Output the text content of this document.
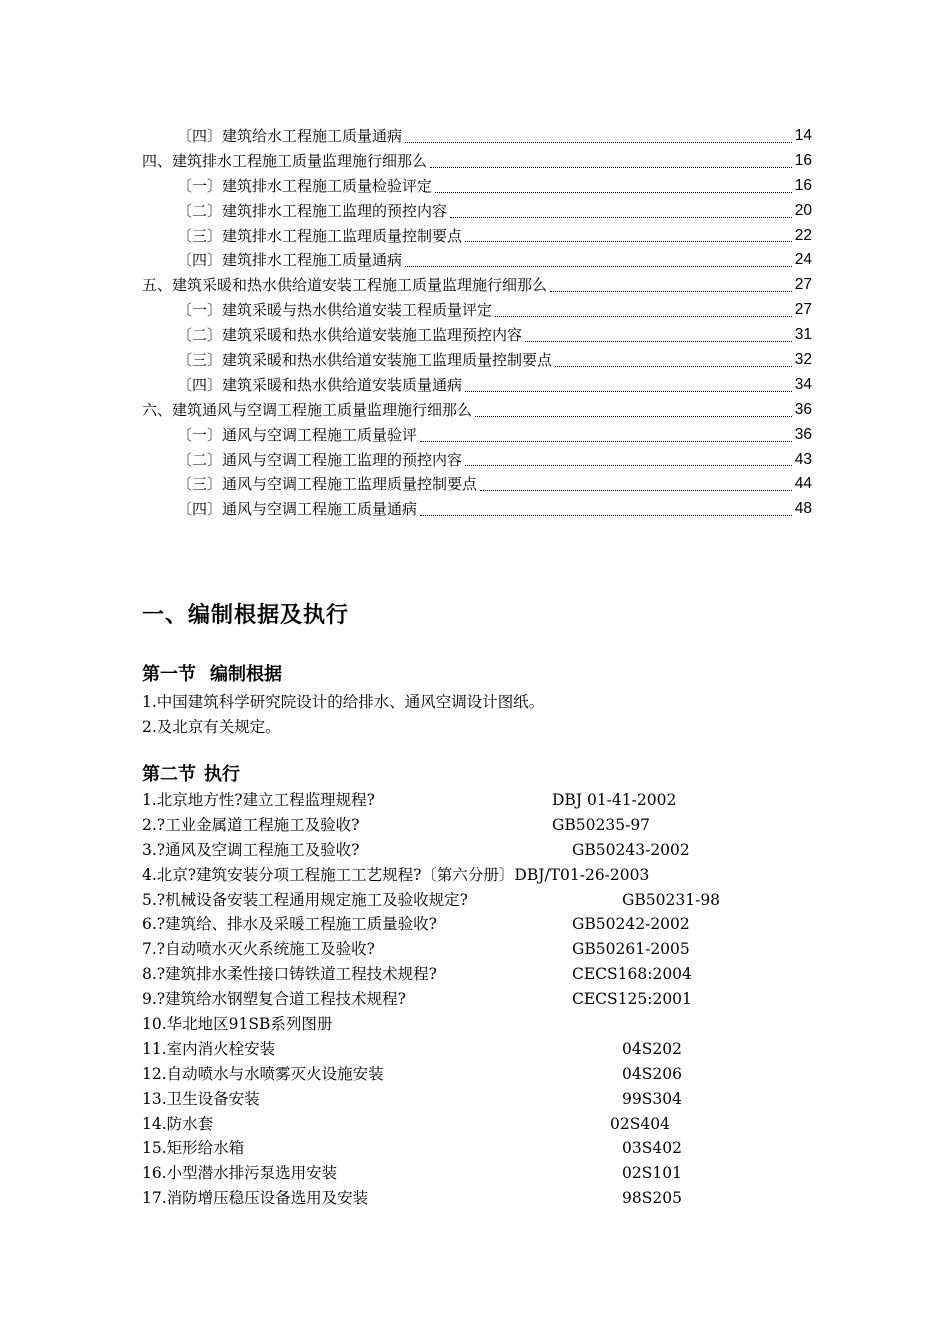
〔四〕建筑给水工程施工质量通病	14
四、建筑排水工程施工质量监理施行细那么	16
〔一〕建筑排水工程施工质量检验评定	16
〔二〕建筑排水工程施工监理的预控内容	20
〔三〕建筑排水工程施工监理质量控制要点	22
〔四〕建筑排水工程施工质量通病	24
五、建筑采暖和热水供给道安装工程施工质量监理施行细那么	27
〔一〕建筑采暖与热水供给道安装工程质量评定	27
〔二〕建筑采暖和热水供给道安装施工监理预控内容	31
〔三〕建筑采暖和热水供给道安装施工监理质量控制要点	32
〔四〕建筑采暖和热水供给道安装质量通病	34
六、建筑通风与空调工程施工质量监理施行细那么	36
〔一〕通风与空调工程施工质量验评	36
〔二〕通风与空调工程施工监理的预控内容	43
〔三〕通风与空调工程施工监理质量控制要点	44
〔四〕通风与空调工程施工质量通病	48
一、编制根据及执行
第一节 编制根据
1.中国建筑科学研究院设计的给排水、通风空调设计图纸。
2.及北京有关规定。
第二节 执行
1.北京地方性?建立工程监理规程?	DBJ 01-41-2002
2.?工业金属道工程施工及验收?	GB50235-97
3.?通风及空调工程施工及验收?	GB50243-2002
4.北京?建筑安装分项工程施工工艺规程?〔第六分册〕DBJ/T01-26-2003
5.?机械设备安装工程通用规定施工及验收规定?	GB50231-98
6.?建筑给、排水及采暖工程施工质量验收?	GB50242-2002
7.?自动喷水灭火系统施工及验收?	GB50261-2005
8.?建筑排水柔性接口铸铁道工程技术规程?	CECS168:2004
9.?建筑给水钢塑复合道工程技术规程?	CECS125:2001
10.华北地区91SB系列图册
11.室内消火栓安装	04S202
12.自动喷水与水喷雾灭火设施安装	04S206
13.卫生设备安装	99S304
14.防水套	02S404
15.矩形给水箱	03S402
16.小型潜水排污泵选用安装	02S101
17.消防增压稳压设备选用及安装	98S205
